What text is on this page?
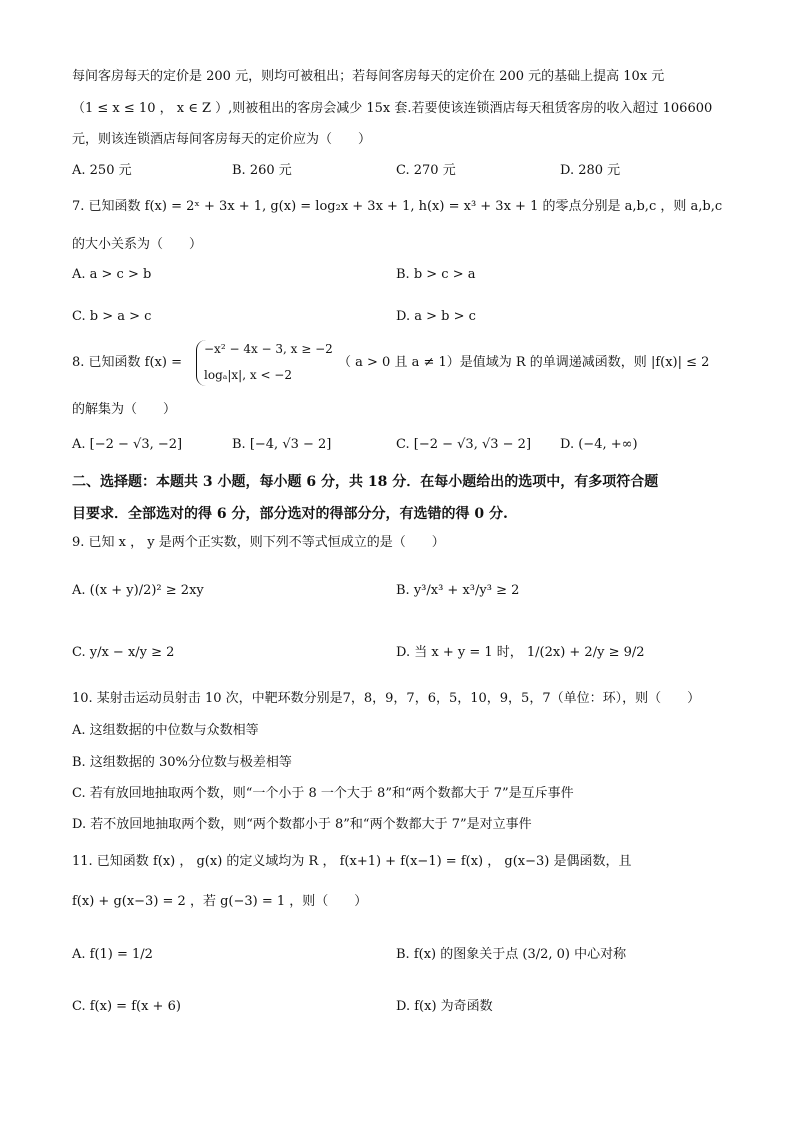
每间客房每天的定价是 200 元，则均可被租出；若每间客房每天的定价在 200 元的基础上提高 10x 元
（1 ≤ x ≤ 10 ， x ∈ Z ）,则被租出的客房会减少 15x 套.若要使该连锁酒店每天租赁客房的收入超过 106600
元，则该连锁酒店每间客房每天的定价应为（　　）
A. 250 元	B. 260 元	C. 270 元	D. 280 元
7. 已知函数 f(x) = 2ˣ + 3x + 1, g(x) = log₂x + 3x + 1, h(x) = x³ + 3x + 1 的零点分别是 a,b,c ，则 a,b,c
的大小关系为（　　）
A. a > c > b	B. b > c > a
C. b > a > c	D. a > b > c
8. 已知函数 f(x) =
−x² − 4x − 3, x ≥ −2
logₐ|x|, x < −2
（ a > 0 且 a ≠ 1）是值域为 R 的单调递减函数，则 |f(x)| ≤ 2
的解集为（　　）
A. [−2 − √3, −2]	B. [−4, √3 − 2]	C. [−2 − √3, √3 − 2] D. (−4, +∞)
二、选择题：本题共 3 小题，每小题 6 分，共 18 分．在每小题给出的选项中，有多项符合题
目要求．全部选对的得 6 分，部分选对的得部分分，有选错的得 0 分.
9. 已知 x ， y 是两个正实数，则下列不等式恒成立的是（　　）
A. ((x + y)/2)² ≥ 2xy	B. y³/x³ + x³/y³ ≥ 2
C. y/x − x/y ≥ 2	D. 当 x + y = 1 时， 1/(2x) + 2/y ≥ 9/2
10. 某射击运动员射击 10 次，中靶环数分别是7，8，9，7，6，5，10，9，5，7（单位：环），则（　　）
A. 这组数据的中位数与众数相等
B. 这组数据的 30%分位数与极差相等
C. 若有放回地抽取两个数，则“一个小于 8 一个大于 8”和“两个数都大于 7”是互斥事件
D. 若不放回地抽取两个数，则“两个数都小于 8”和“两个数都大于 7”是对立事件
11. 已知函数 f(x) ， g(x) 的定义域均为 R ， f(x+1) + f(x−1) = f(x) ， g(x−3) 是偶函数，且
f(x) + g(x−3) = 2 ，若 g(−3) = 1 ，则（　　）
A. f(1) = 1/2	B. f(x) 的图象关于点 (3/2, 0) 中心对称
C. f(x) = f(x + 6)	D. f(x) 为奇函数
